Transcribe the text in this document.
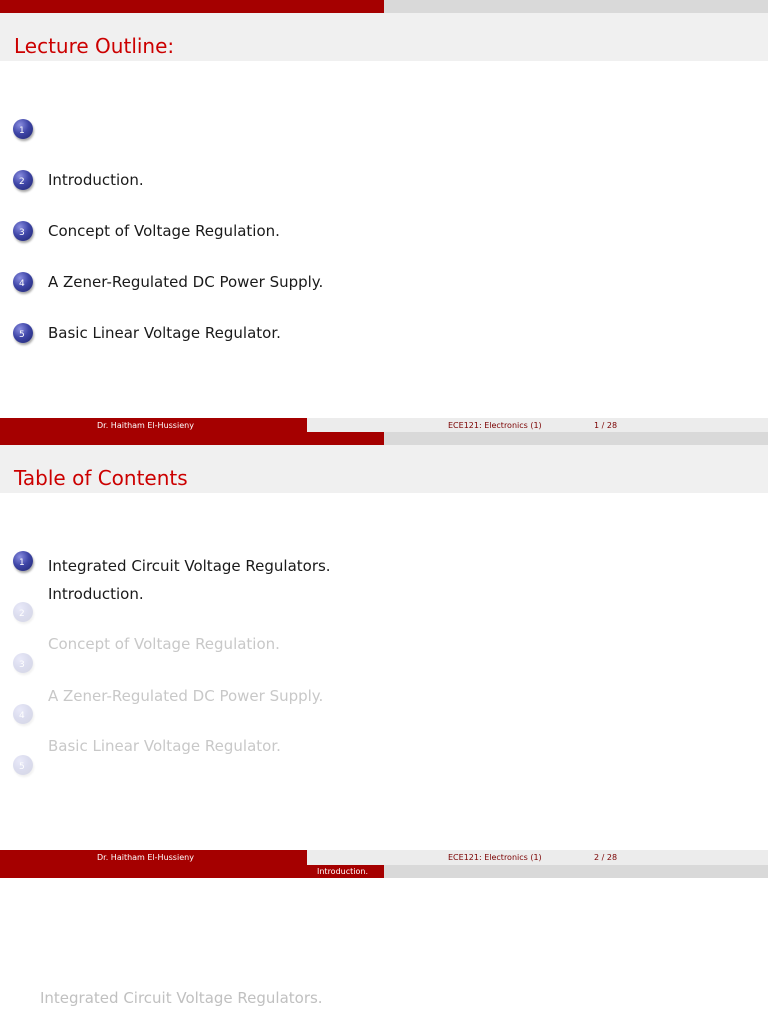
Lecture Outline:
1
2 Introduction.
3 Concept of Voltage Regulation.
4 A Zener-Regulated DC Power Supply.
5 Basic Linear Voltage Regulator.
Dr. Haitham El-Hussieny	ECE121: Electronics (1)	1 / 28
Table of Contents
1 Integrated Circuit Voltage Regulators.
2
Introduction.
3
Concept of Voltage Regulation.
4
A Zener-Regulated DC Power Supply.
5
Basic Linear Voltage Regulator.
Dr. Haitham El-Hussieny	ECE121: Electronics (1)	2 / 28
Introduction.
Integrated Circuit Voltage Regulators.
